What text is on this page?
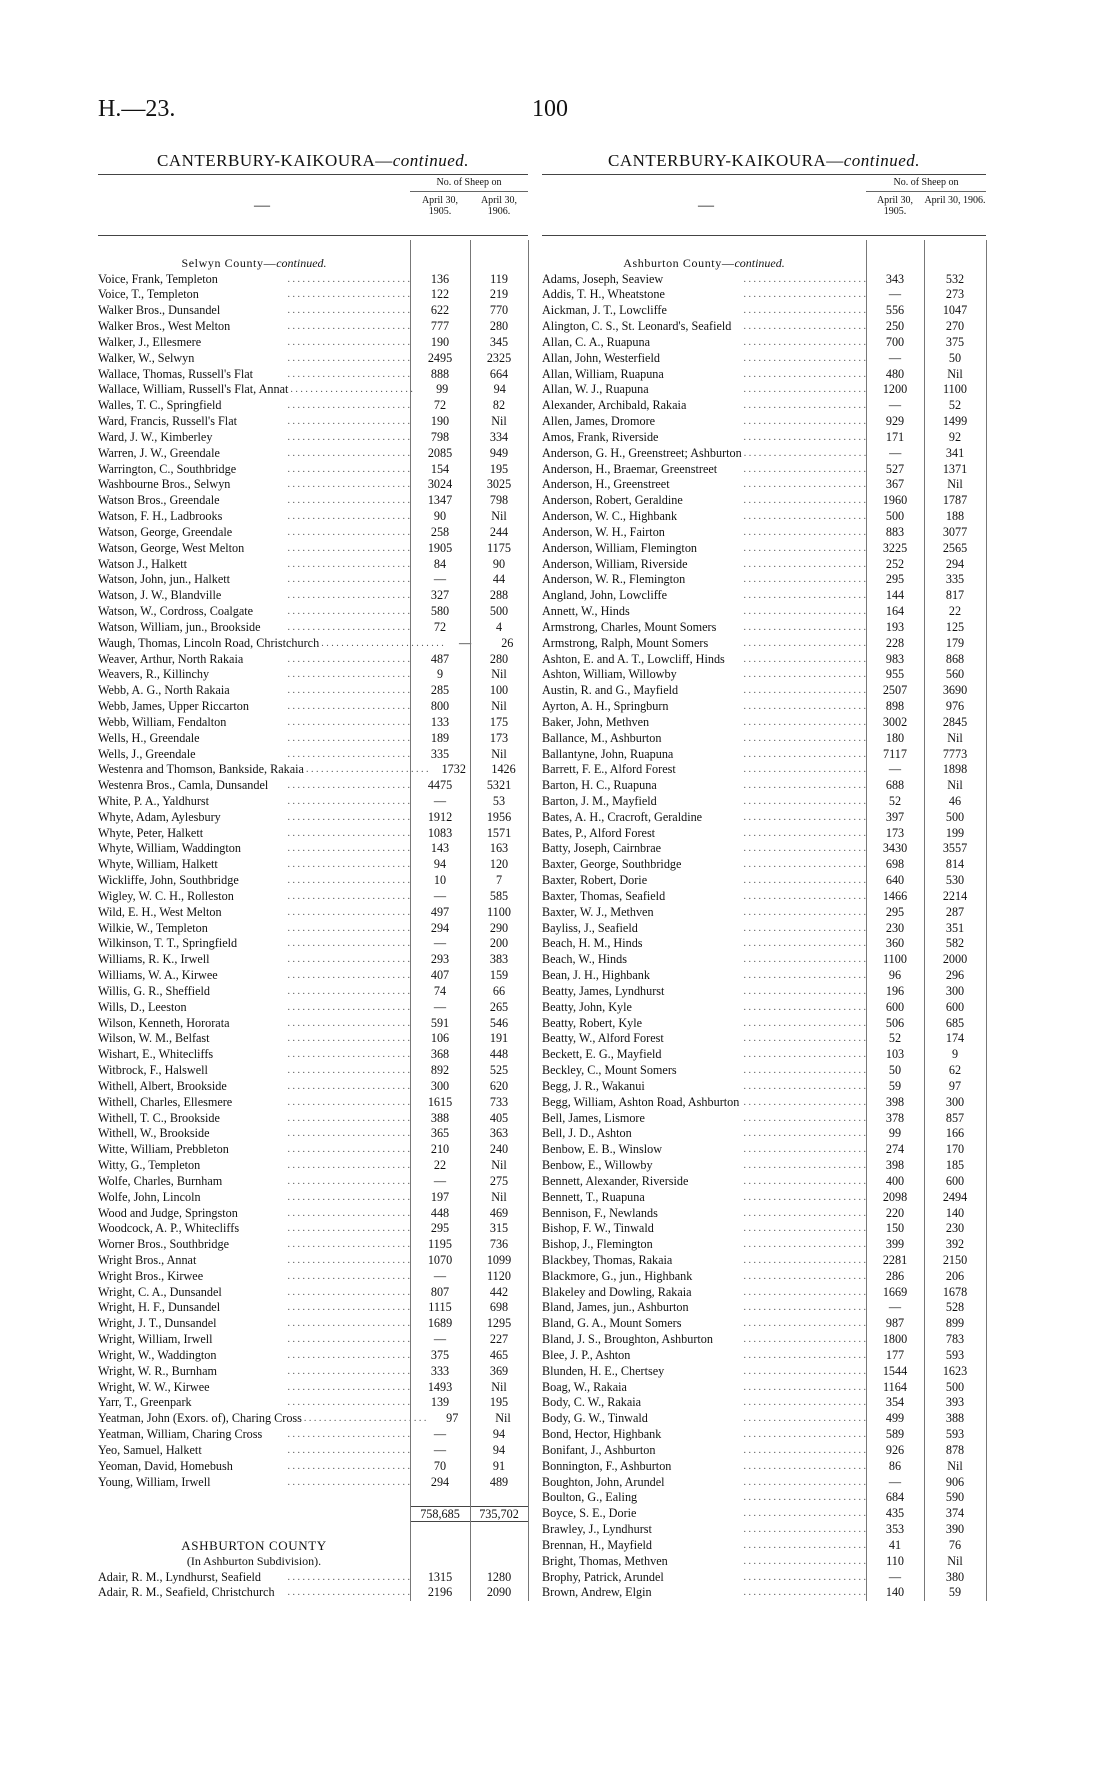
H.—23.	100
CANTERBURY-KAIKOURA—continued.
—
No. of Sheep on
April 30, 1905.
April 30, 1906.
Selwyn County—continued.
Voice, Frank, Templeton	. . . . . . . . . . . . . . . . . . . . . . . . .	136	119
Voice, T., Templeton	. . . . . . . . . . . . . . . . . . . . . . . . .	122	219
Walker Bros., Dunsandel	. . . . . . . . . . . . . . . . . . . . . . . . .	622	770
Walker Bros., West Melton	. . . . . . . . . . . . . . . . . . . . . . . . .	777	280
Walker, J., Ellesmere	. . . . . . . . . . . . . . . . . . . . . . . . .	190	345
Walker, W., Selwyn	. . . . . . . . . . . . . . . . . . . . . . . . .	2495	2325
Wallace, Thomas, Russell's Flat	. . . . . . . . . . . . . . . . . . . . . . . . .	888	664
Wallace, William, Russell's Flat, Annat . . . . . . . . . . . . . . . . . . . . . . . . .	99	94
Walles, T. C., Springfield	. . . . . . . . . . . . . . . . . . . . . . . . .	72	82
Ward, Francis, Russell's Flat	. . . . . . . . . . . . . . . . . . . . . . . . .	190	Nil
Ward, J. W., Kimberley	. . . . . . . . . . . . . . . . . . . . . . . . .	798	334
Warren, J. W., Greendale	. . . . . . . . . . . . . . . . . . . . . . . . .	2085	949
Warrington, C., Southbridge	. . . . . . . . . . . . . . . . . . . . . . . . .	154	195
Washbourne Bros., Selwyn	. . . . . . . . . . . . . . . . . . . . . . . . .	3024	3025
Watson Bros., Greendale	. . . . . . . . . . . . . . . . . . . . . . . . .	1347	798
Watson, F. H., Ladbrooks	. . . . . . . . . . . . . . . . . . . . . . . . .	90	Nil
Watson, George, Greendale	. . . . . . . . . . . . . . . . . . . . . . . . .	258	244
Watson, George, West Melton	. . . . . . . . . . . . . . . . . . . . . . . . .	1905	1175
Watson J., Halkett	. . . . . . . . . . . . . . . . . . . . . . . . .	84	90
Watson, John, jun., Halkett	. . . . . . . . . . . . . . . . . . . . . . . . .	—	44
Watson, J. W., Blandville	. . . . . . . . . . . . . . . . . . . . . . . . .	327	288
Watson, W., Cordross, Coalgate	. . . . . . . . . . . . . . . . . . . . . . . . .	580	500
Watson, William, jun., Brookside	. . . . . . . . . . . . . . . . . . . . . . . . .	72	4
Waugh, Thomas, Lincoln Road, Christchurch . . . . . . . . . . . . . . . . . . . . . . . . .	—	26
Weaver, Arthur, North Rakaia	. . . . . . . . . . . . . . . . . . . . . . . . .	487	280
Weavers, R., Killinchy	. . . . . . . . . . . . . . . . . . . . . . . . .	9	Nil
Webb, A. G., North Rakaia	. . . . . . . . . . . . . . . . . . . . . . . . .	285	100
Webb, James, Upper Riccarton	. . . . . . . . . . . . . . . . . . . . . . . . .	800	Nil
Webb, William, Fendalton	. . . . . . . . . . . . . . . . . . . . . . . . .	133	175
Wells, H., Greendale	. . . . . . . . . . . . . . . . . . . . . . . . .	189	173
Wells, J., Greendale	. . . . . . . . . . . . . . . . . . . . . . . . .	335	Nil
Westenra and Thomson, Bankside, Rakaia . . . . . . . . . . . . . . . . . . . . . . . . .	1732	1426
Westenra Bros., Camla, Dunsandel	. . . . . . . . . . . . . . . . . . . . . . . . .	4475	5321
White, P. A., Yaldhurst	. . . . . . . . . . . . . . . . . . . . . . . . .	—	53
Whyte, Adam, Aylesbury	. . . . . . . . . . . . . . . . . . . . . . . . .	1912	1956
Whyte, Peter, Halkett	. . . . . . . . . . . . . . . . . . . . . . . . .	1083	1571
Whyte, William, Waddington	. . . . . . . . . . . . . . . . . . . . . . . . .	143	163
Whyte, William, Halkett	. . . . . . . . . . . . . . . . . . . . . . . . .	94	120
Wickliffe, John, Southbridge	. . . . . . . . . . . . . . . . . . . . . . . . .	10	7
Wigley, W. C. H., Rolleston	. . . . . . . . . . . . . . . . . . . . . . . . .	—	585
Wild, E. H., West Melton	. . . . . . . . . . . . . . . . . . . . . . . . .	497	1100
Wilkie, W., Templeton	. . . . . . . . . . . . . . . . . . . . . . . . .	294	290
Wilkinson, T. T., Springfield	. . . . . . . . . . . . . . . . . . . . . . . . .	—	200
Williams, R. K., Irwell	. . . . . . . . . . . . . . . . . . . . . . . . .	293	383
Williams, W. A., Kirwee	. . . . . . . . . . . . . . . . . . . . . . . . .	407	159
Willis, G. R., Sheffield	. . . . . . . . . . . . . . . . . . . . . . . . .	74	66
Wills, D., Leeston	. . . . . . . . . . . . . . . . . . . . . . . . .	—	265
Wilson, Kenneth, Hororata	. . . . . . . . . . . . . . . . . . . . . . . . .	591	546
Wilson, W. M., Belfast	. . . . . . . . . . . . . . . . . . . . . . . . .	106	191
Wishart, E., Whitecliffs	. . . . . . . . . . . . . . . . . . . . . . . . .	368	448
Witbrock, F., Halswell	. . . . . . . . . . . . . . . . . . . . . . . . .	892	525
Withell, Albert, Brookside	. . . . . . . . . . . . . . . . . . . . . . . . .	300	620
Withell, Charles, Ellesmere	. . . . . . . . . . . . . . . . . . . . . . . . .	1615	733
Withell, T. C., Brookside	. . . . . . . . . . . . . . . . . . . . . . . . .	388	405
Withell, W., Brookside	. . . . . . . . . . . . . . . . . . . . . . . . .	365	363
Witte, William, Prebbleton	. . . . . . . . . . . . . . . . . . . . . . . . .	210	240
Witty, G., Templeton	. . . . . . . . . . . . . . . . . . . . . . . . .	22	Nil
Wolfe, Charles, Burnham	. . . . . . . . . . . . . . . . . . . . . . . . .	—	275
Wolfe, John, Lincoln	. . . . . . . . . . . . . . . . . . . . . . . . .	197	Nil
Wood and Judge, Springston	. . . . . . . . . . . . . . . . . . . . . . . . .	448	469
Woodcock, A. P., Whitecliffs	. . . . . . . . . . . . . . . . . . . . . . . . .	295	315
Worner Bros., Southbridge	. . . . . . . . . . . . . . . . . . . . . . . . .	1195	736
Wright Bros., Annat	. . . . . . . . . . . . . . . . . . . . . . . . .	1070	1099
Wright Bros., Kirwee	. . . . . . . . . . . . . . . . . . . . . . . . .	—	1120
Wright, C. A., Dunsandel	. . . . . . . . . . . . . . . . . . . . . . . . .	807	442
Wright, H. F., Dunsandel	. . . . . . . . . . . . . . . . . . . . . . . . .	1115	698
Wright, J. T., Dunsandel	. . . . . . . . . . . . . . . . . . . . . . . . .	1689	1295
Wright, William, Irwell	. . . . . . . . . . . . . . . . . . . . . . . . .	—	227
Wright, W., Waddington	. . . . . . . . . . . . . . . . . . . . . . . . .	375	465
Wright, W. R., Burnham	. . . . . . . . . . . . . . . . . . . . . . . . .	333	369
Wright, W. W., Kirwee	. . . . . . . . . . . . . . . . . . . . . . . . .	1493	Nil
Yarr, T., Greenpark	. . . . . . . . . . . . . . . . . . . . . . . . .	139	195
Yeatman, John (Exors. of), Charing Cross . . . . . . . . . . . . . . . . . . . . . . . . .	97	Nil
Yeatman, William, Charing Cross	. . . . . . . . . . . . . . . . . . . . . . . . .	—	94
Yeo, Samuel, Halkett	. . . . . . . . . . . . . . . . . . . . . . . . .	—	94
Yeoman, David, Homebush	. . . . . . . . . . . . . . . . . . . . . . . . .	70	91
Young, William, Irwell	. . . . . . . . . . . . . . . . . . . . . . . . .	294	489
758,685	735,702
ASHBURTON COUNTY
(In Ashburton Subdivision).
Adair, R. M., Lyndhurst, Seafield	. . . . . . . . . . . . . . . . . . . . . . . . .	1315	1280
Adair, R. M., Seafield, Christchurch	. . . . . . . . . . . . . . . . . . . . . . . . .	2196	2090
CANTERBURY-KAIKOURA—continued.
—
No. of Sheep on
April 30, 1905.
April 30, 1906.
Ashburton County—continued.
Adams, Joseph, Seaview	. . . . . . . . . . . . . . . . . . . . . . . . .	343	532
Addis, T. H., Wheatstone	. . . . . . . . . . . . . . . . . . . . . . . . .	—	273
Aickman, J. T., Lowcliffe	. . . . . . . . . . . . . . . . . . . . . . . . .	556	1047
Alington, C. S., St. Leonard's, Seafield	. . . . . . . . . . . . . . . . . . . . . . . . .	250	270
Allan, C. A., Ruapuna	. . . . . . . . . . . . . . . . . . . . . . . . .	700	375
Allan, John, Westerfield	. . . . . . . . . . . . . . . . . . . . . . . . .	—	50
Allan, William, Ruapuna	. . . . . . . . . . . . . . . . . . . . . . . . .	480	Nil
Allan, W. J., Ruapuna	. . . . . . . . . . . . . . . . . . . . . . . . .	1200	1100
Alexander, Archibald, Rakaia	. . . . . . . . . . . . . . . . . . . . . . . . .	—	52
Allen, James, Dromore	. . . . . . . . . . . . . . . . . . . . . . . . .	929	1499
Amos, Frank, Riverside	. . . . . . . . . . . . . . . . . . . . . . . . .	171	92
Anderson, G. H., Greenstreet; Ashburton . . . . . . . . . . . . . . . . . . . . . . . . .	—	341
Anderson, H., Braemar, Greenstreet	. . . . . . . . . . . . . . . . . . . . . . . . .	527	1371
Anderson, H., Greenstreet	. . . . . . . . . . . . . . . . . . . . . . . . .	367	Nil
Anderson, Robert, Geraldine	. . . . . . . . . . . . . . . . . . . . . . . . .	1960	1787
Anderson, W. C., Highbank	. . . . . . . . . . . . . . . . . . . . . . . . .	500	188
Anderson, W. H., Fairton	. . . . . . . . . . . . . . . . . . . . . . . . .	883	3077
Anderson, William, Flemington	. . . . . . . . . . . . . . . . . . . . . . . . .	3225	2565
Anderson, William, Riverside	. . . . . . . . . . . . . . . . . . . . . . . . .	252	294
Anderson, W. R., Flemington	. . . . . . . . . . . . . . . . . . . . . . . . .	295	335
Angland, John, Lowcliffe	. . . . . . . . . . . . . . . . . . . . . . . . .	144	817
Annett, W., Hinds	. . . . . . . . . . . . . . . . . . . . . . . . .	164	22
Armstrong, Charles, Mount Somers	. . . . . . . . . . . . . . . . . . . . . . . . .	193	125
Armstrong, Ralph, Mount Somers	. . . . . . . . . . . . . . . . . . . . . . . . .	228	179
Ashton, E. and A. T., Lowcliff, Hinds	. . . . . . . . . . . . . . . . . . . . . . . . .	983	868
Ashton, William, Willowby	. . . . . . . . . . . . . . . . . . . . . . . . .	955	560
Austin, R. and G., Mayfield	. . . . . . . . . . . . . . . . . . . . . . . . .	2507	3690
Ayrton, A. H., Springburn	. . . . . . . . . . . . . . . . . . . . . . . . .	898	976
Baker, John, Methven	. . . . . . . . . . . . . . . . . . . . . . . . .	3002	2845
Ballance, M., Ashburton	. . . . . . . . . . . . . . . . . . . . . . . . .	180	Nil
Ballantyne, John, Ruapuna	. . . . . . . . . . . . . . . . . . . . . . . . .	7117	7773
Barrett, F. E., Alford Forest	. . . . . . . . . . . . . . . . . . . . . . . . .	—	1898
Barton, H. C., Ruapuna	. . . . . . . . . . . . . . . . . . . . . . . . .	688	Nil
Barton, J. M., Mayfield	. . . . . . . . . . . . . . . . . . . . . . . . .	52	46
Bates, A. H., Cracroft, Geraldine	. . . . . . . . . . . . . . . . . . . . . . . . .	397	500
Bates, P., Alford Forest	. . . . . . . . . . . . . . . . . . . . . . . . .	173	199
Batty, Joseph, Cairnbrae	. . . . . . . . . . . . . . . . . . . . . . . . .	3430	3557
Baxter, George, Southbridge	. . . . . . . . . . . . . . . . . . . . . . . . .	698	814
Baxter, Robert, Dorie	. . . . . . . . . . . . . . . . . . . . . . . . .	640	530
Baxter, Thomas, Seafield	. . . . . . . . . . . . . . . . . . . . . . . . .	1466	2214
Baxter, W. J., Methven	. . . . . . . . . . . . . . . . . . . . . . . . .	295	287
Bayliss, J., Seafield	. . . . . . . . . . . . . . . . . . . . . . . . .	230	351
Beach, H. M., Hinds	. . . . . . . . . . . . . . . . . . . . . . . . .	360	582
Beach, W., Hinds	. . . . . . . . . . . . . . . . . . . . . . . . .	1100	2000
Bean, J. H., Highbank	. . . . . . . . . . . . . . . . . . . . . . . . .	96	296
Beatty, James, Lyndhurst	. . . . . . . . . . . . . . . . . . . . . . . . .	196	300
Beatty, John, Kyle	. . . . . . . . . . . . . . . . . . . . . . . . .	600	600
Beatty, Robert, Kyle	. . . . . . . . . . . . . . . . . . . . . . . . .	506	685
Beatty, W., Alford Forest	. . . . . . . . . . . . . . . . . . . . . . . . .	52	174
Beckett, E. G., Mayfield	. . . . . . . . . . . . . . . . . . . . . . . . .	103	9
Beckley, C., Mount Somers	. . . . . . . . . . . . . . . . . . . . . . . . .	50	62
Begg, J. R., Wakanui	. . . . . . . . . . . . . . . . . . . . . . . . .	59	97
Begg, William, Ashton Road, Ashburton . . . . . . . . . . . . . . . . . . . . . . . . .	398	300
Bell, James, Lismore	. . . . . . . . . . . . . . . . . . . . . . . . .	378	857
Bell, J. D., Ashton	. . . . . . . . . . . . . . . . . . . . . . . . .	99	166
Benbow, E. B., Winslow	. . . . . . . . . . . . . . . . . . . . . . . . .	274	170
Benbow, E., Willowby	. . . . . . . . . . . . . . . . . . . . . . . . .	398	185
Bennett, Alexander, Riverside	. . . . . . . . . . . . . . . . . . . . . . . . .	400	600
Bennett, T., Ruapuna	. . . . . . . . . . . . . . . . . . . . . . . . .	2098	2494
Bennison, F., Newlands	. . . . . . . . . . . . . . . . . . . . . . . . .	220	140
Bishop, F. W., Tinwald	. . . . . . . . . . . . . . . . . . . . . . . . .	150	230
Bishop, J., Flemington	. . . . . . . . . . . . . . . . . . . . . . . . .	399	392
Blackbey, Thomas, Rakaia	. . . . . . . . . . . . . . . . . . . . . . . . .	2281	2150
Blackmore, G., jun., Highbank	. . . . . . . . . . . . . . . . . . . . . . . . .	286	206
Blakeley and Dowling, Rakaia	. . . . . . . . . . . . . . . . . . . . . . . . .	1669	1678
Bland, James, jun., Ashburton	. . . . . . . . . . . . . . . . . . . . . . . . .	—	528
Bland, G. A., Mount Somers	. . . . . . . . . . . . . . . . . . . . . . . . .	987	899
Bland, J. S., Broughton, Ashburton	. . . . . . . . . . . . . . . . . . . . . . . . .	1800	783
Blee, J. P., Ashton	. . . . . . . . . . . . . . . . . . . . . . . . .	177	593
Blunden, H. E., Chertsey	. . . . . . . . . . . . . . . . . . . . . . . . .	1544	1623
Boag, W., Rakaia	. . . . . . . . . . . . . . . . . . . . . . . . .	1164	500
Body, C. W., Rakaia	. . . . . . . . . . . . . . . . . . . . . . . . .	354	393
Body, G. W., Tinwald	. . . . . . . . . . . . . . . . . . . . . . . . .	499	388
Bond, Hector, Highbank	. . . . . . . . . . . . . . . . . . . . . . . . .	589	593
Bonifant, J., Ashburton	. . . . . . . . . . . . . . . . . . . . . . . . .	926	878
Bonnington, F., Ashburton	. . . . . . . . . . . . . . . . . . . . . . . . .	86	Nil
Boughton, John, Arundel	. . . . . . . . . . . . . . . . . . . . . . . . .	—	906
Boulton, G., Ealing	. . . . . . . . . . . . . . . . . . . . . . . . .	684	590
Boyce, S. E., Dorie	. . . . . . . . . . . . . . . . . . . . . . . . .	435	374
Brawley, J., Lyndhurst	. . . . . . . . . . . . . . . . . . . . . . . . .	353	390
Brennan, H., Mayfield	. . . . . . . . . . . . . . . . . . . . . . . . .	41	76
Bright, Thomas, Methven	. . . . . . . . . . . . . . . . . . . . . . . . .	110	Nil
Brophy, Patrick, Arundel	. . . . . . . . . . . . . . . . . . . . . . . . .	—	380
Brown, Andrew, Elgin	. . . . . . . . . . . . . . . . . . . . . . . . .	140	59
